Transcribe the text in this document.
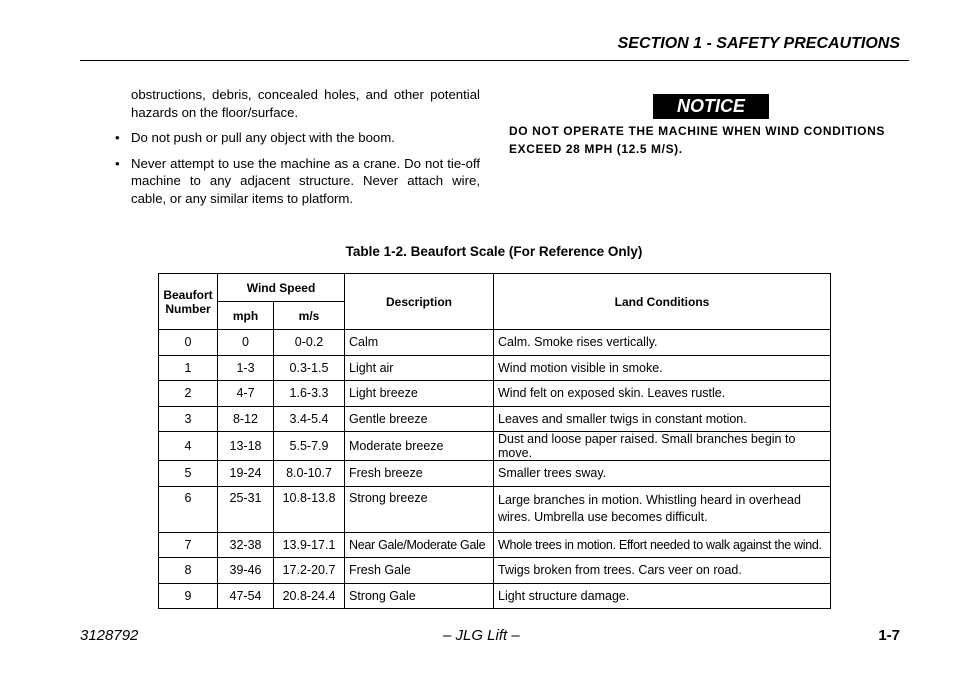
SECTION 1 - SAFETY PRECAUTIONS

obstructions, debris, concealed holes, and other potential hazards on the floor/surface.

• Do not push or pull any object with the boom.
• Never attempt to use the machine as a crane. Do not tie-off machine to any adjacent structure. Never attach wire, cable, or any similar items to platform.
NOTICE
DO NOT OPERATE THE MACHINE WHEN WIND CONDITIONS EXCEED 28 MPH (12.5 M/S).
Table 1-2. Beaufort Scale (For Reference Only)
Beaufort Number	Wind Speed		Description	Land Conditions
	mph	m/s		
0	0	0-0.2	Calm	Calm. Smoke rises vertically.
1	1-3	0.3-1.5	Light air	Wind motion visible in smoke.
2	4-7	1.6-3.3	Light breeze	Wind felt on exposed skin. Leaves rustle.
3	8-12	3.4-5.4	Gentle breeze	Leaves and smaller twigs in constant motion.
4	13-18	5.5-7.9	Moderate breeze	Dust and loose paper raised. Small branches begin to move.
5	19-24	8.0-10.7	Fresh breeze	Smaller trees sway.
6	25-31	10.8-13.8	Strong breeze	Large branches in motion. Whistling heard in overhead wires. Umbrella use becomes difficult.
7	32-38	13.9-17.1	Near Gale/Moderate Gale	Whole trees in motion. Effort needed to walk against the wind.
8	39-46	17.2-20.7	Fresh Gale	Twigs broken from trees. Cars veer on road.
9	47-54	20.8-24.4	Strong Gale	Light structure damage.
3128792	– JLG Lift –	1-7
